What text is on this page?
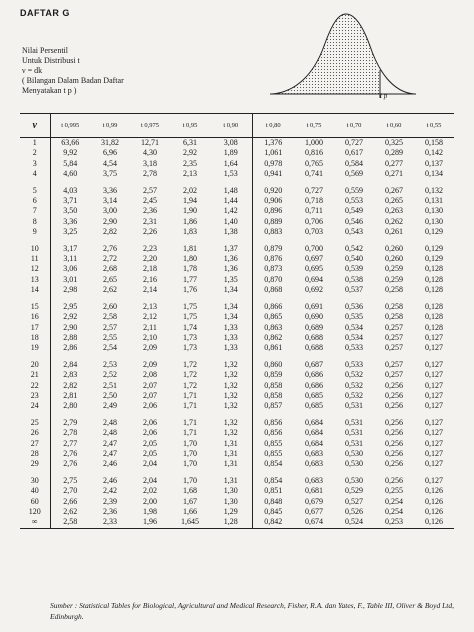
DAFTAR G
Nilai Persentil
Untuk Distribusi t
ν = dk
( Bilangan Dalam Badan Daftar
Menyatakan t p )
t p
ν	t 0,995	t 0,99	t 0,975	t 0,95	t 0,90	t 0,80	t 0,75	t 0,70	t 0,60	t 0,55
1	63,66	31,82	12,71	6,31	3,08	1,376	1,000	0,727	0,325	0,158
2	9,92	6,96	4,30	2,92	1,89	1,061	0,816	0,617	0,289	0,142
3	5,84	4,54	3,18	2,35	1,64	0,978	0,765	0,584	0,277	0,137
4	4,60	3,75	2,78	2,13	1,53	0,941	0,741	0,569	0,271	0,134

5	4,03	3,36	2,57	2,02	1,48	0,920	0,727	0,559	0,267	0,132
6	3,71	3,14	2,45	1,94	1,44	0,906	0,718	0,553	0,265	0,131
7	3,50	3,00	2,36	1,90	1,42	0,896	0,711	0,549	0,263	0,130
8	3,36	2,90	2,31	1,86	1,40	0,889	0,706	0,546	0,262	0,130
9	3,25	2,82	2,26	1,83	1,38	0,883	0,703	0,543	0,261	0,129

10	3,17	2,76	2,23	1,81	1,37	0,879	0,700	0,542	0,260	0,129
11	3,11	2,72	2,20	1,80	1,36	0,876	0,697	0,540	0,260	0,129
12	3,06	2,68	2,18	1,78	1,36	0,873	0,695	0,539	0,259	0,128
13	3,01	2,65	2,16	1,77	1,35	0,870	0,694	0,538	0,259	0,128
14	2,98	2,62	2,14	1,76	1,34	0,868	0,692	0,537	0,258	0,128

15	2,95	2,60	2,13	1,75	1,34	0,866	0,691	0,536	0,258	0,128
16	2,92	2,58	2,12	1,75	1,34	0,865	0,690	0,535	0,258	0,128
17	2,90	2,57	2,11	1,74	1,33	0,863	0,689	0,534	0,257	0,128
18	2,88	2,55	2,10	1,73	1,33	0,862	0,688	0,534	0,257	0,127
19	2,86	2,54	2,09	1,73	1,33	0,861	0,688	0,533	0,257	0,127

20	2,84	2,53	2,09	1,72	1,32	0,860	0,687	0,533	0,257	0,127
21	2,83	2,52	2,08	1,72	1,32	0,859	0,686	0,532	0,257	0,127
22	2,82	2,51	2,07	1,72	1,32	0,858	0,686	0,532	0,256	0,127
23	2,81	2,50	2,07	1,71	1,32	0,858	0,685	0,532	0,256	0,127
24	2,80	2,49	2,06	1,71	1,32	0,857	0,685	0,531	0,256	0,127

25	2,79	2,48	2,06	1,71	1,32	0,856	0,684	0,531	0,256	0,127
26	2,78	2,48	2,06	1,71	1,32	0,856	0,684	0,531	0,256	0,127
27	2,77	2,47	2,05	1,70	1,31	0,855	0,684	0,531	0,256	0,127
28	2,76	2,47	2,05	1,70	1,31	0,855	0,683	0,530	0,256	0,127
29	2,76	2,46	2,04	1,70	1,31	0,854	0,683	0,530	0,256	0,127

30	2,75	2,46	2,04	1,70	1,31	0,854	0,683	0,530	0,256	0,127
40	2,70	2,42	2,02	1,68	1,30	0,851	0,681	0,529	0,255	0,126
60	2,66	2,39	2,00	1,67	1,30	0,848	0,679	0,527	0,254	0,126
120	2,62	2,36	1,98	1,66	1,29	0,845	0,677	0,526	0,254	0,126
∞	2,58	2,33	1,96	1,645	1,28	0,842	0,674	0,524	0,253	0,126
Sumber : Statistical Tables for Biological, Agricultural and Medical Research, Fisher, R.A. dan Yates, F., Table III, Oliver & Boyd Ltd, Edinburgh.
